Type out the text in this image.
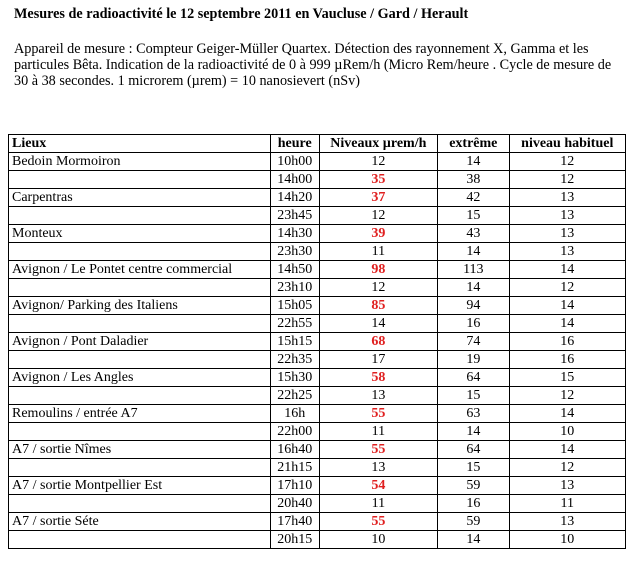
Mesures de radioactivité le 12 septembre 2011 en Vaucluse / Gard / Herault
Appareil de mesure : Compteur Geiger-Müller Quartex. Détection des rayonnement X, Gamma et les particules Bêta. Indication de la radioactivité de 0 à 999 µRem/h (Micro Rem/heure . Cycle de mesure de 30 à 38 secondes. 1 microrem (µrem) = 10 nanosievert (nSv)
Lieux	heure	Niveaux µrem/h	extrême	niveau habituel
Bedoin Mormoiron	10h00	12	14	12
	14h00	35	38	12
Carpentras	14h20	37	42	13
	23h45	12	15	13
Monteux	14h30	39	43	13
	23h30	11	14	13
Avignon / Le Pontet centre commercial	14h50	98	113	14
	23h10	12	14	12
Avignon/ Parking des Italiens	15h05	85	94	14
	22h55	14	16	14
Avignon / Pont Daladier	15h15	68	74	16
	22h35	17	19	16
Avignon / Les Angles	15h30	58	64	15
	22h25	13	15	12
Remoulins / entrée A7	16h	55	63	14
	22h00	11	14	10
A7 / sortie Nîmes	16h40	55	64	14
	21h15	13	15	12
A7 / sortie Montpellier Est	17h10	54	59	13
	20h40	11	16	11
A7 / sortie Séte	17h40	55	59	13
	20h15	10	14	10
